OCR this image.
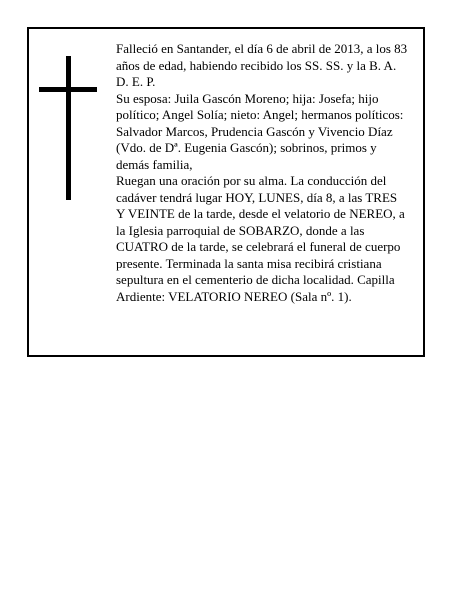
Falleció en Santander, el día 6 de abril de 2013, a los 83
años de edad, habiendo recibido los SS. SS. y la B. A.
D. E. P.

Su esposa: Juila Gascón Moreno; hija: Josefa; hijo
político; Angel Solía; nieto: Angel; hermanos políticos:
Salvador Marcos, Prudencia Gascón y Vivencio Díaz
(Vdo. de Dª. Eugenia Gascón); sobrinos, primos y
demás familia,

Ruegan una oración por su alma. La conducción del
cadáver tendrá lugar HOY, LUNES, día 8, a las TRES
Y VEINTE de la tarde, desde el velatorio de NEREO, a
la Iglesia parroquial de SOBARZO, donde a las
CUATRO de la tarde, se celebrará el funeral de cuerpo
presente. Terminada la santa misa recibirá cristiana
sepultura en el cementerio de dicha localidad. Capilla
Ardiente: VELATORIO NEREO (Sala nº. 1).
